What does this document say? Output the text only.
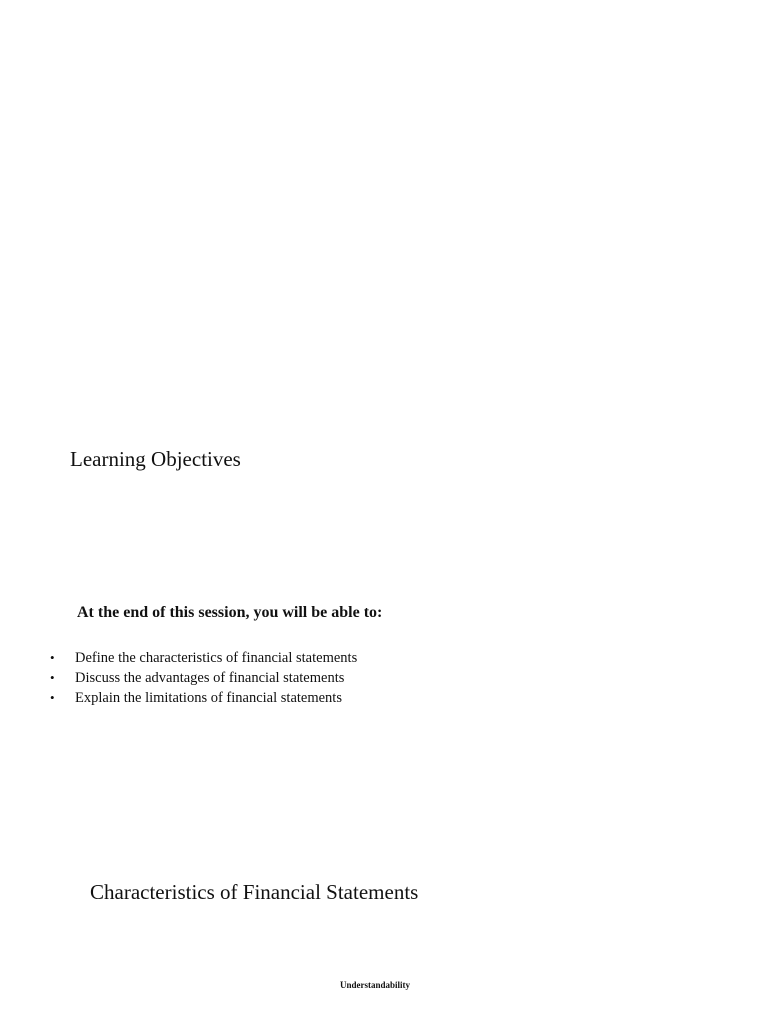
Learning Objectives

At the end of this session, you will be able to:

• Define the characteristics of financial statements
• Discuss the advantages of financial statements
• Explain the limitations of financial statements
Characteristics of Financial Statements

Understandability
